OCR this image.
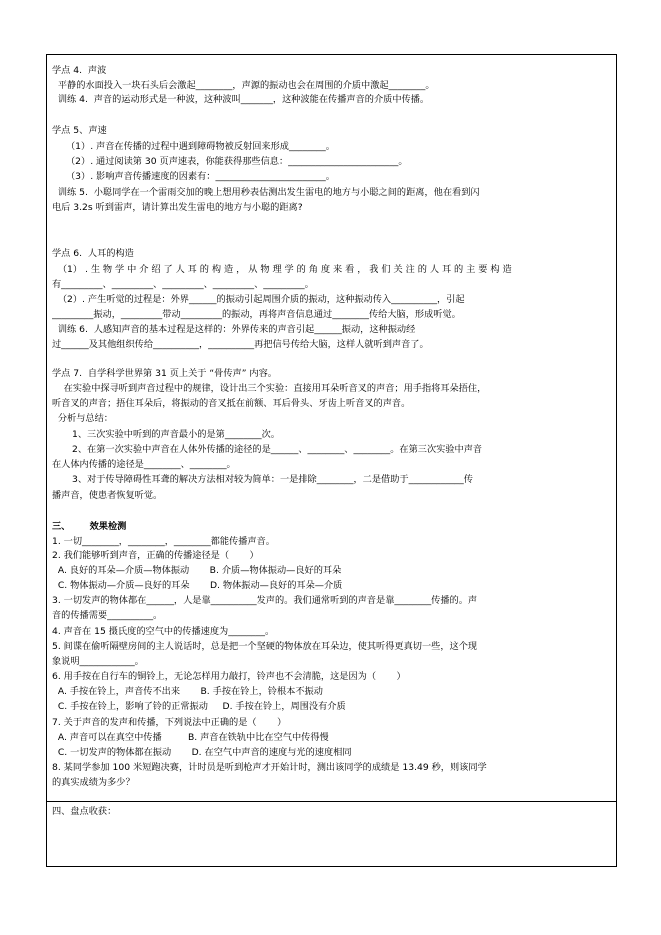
学点 4.  声波
平静的水面投入一块石头后会激起________，声源的振动也会在周围的介质中激起________。
训练 4.  声音的运动形式是一种波，这种波叫_______，这种波能在传播声音的介质中传播。
学点 5、声速
（1）. 声音在传播的过程中遇到障碍物被反射回来形成________。
（2）. 通过阅读第 30 页声速表，你能获得那些信息：________________________。
（3）. 影响声音传播速度的因素有：________________________。
训练 5.  小聪同学在一个雷雨交加的晚上想用秒表估测出发生雷电的地方与小聪之间的距离，他在看到闪
电后 3.2s 听到雷声，请计算出发生雷电的地方与小聪的距离?
学点 6.  人耳的构造
（1） . 生 物 学 中 介 绍 了 人 耳 的 构 造 ， 从 物 理 学 的 角 度 来 看 ， 我 们 关 注 的 人 耳 的 主 要 构 造
有_________、_________、_________、_________、_________。
（2）. 产生听觉的过程是：外界______的振动引起周围介质的振动，这种振动传入__________，引起
_________振动，_________带动_________的振动，再将声音信息通过________传给大脑，形成听觉。
训练 6.  人感知声音的基本过程是这样的：外界传来的声音引起______振动，这种振动经
过______及其他组织传给__________，__________再把信号传给大脑，这样人就听到声音了。
学点 7.  自学科学世界第 31 页上关于 “骨传声” 内容。
在实验中探寻听到声音过程中的规律，设计出三个实验：直接用耳朵听音叉的声音；用手指将耳朵捂住，
听音叉的声音；捂住耳朵后，将振动的音叉抵在前额、耳后骨头、牙齿上听音叉的声音。
分析与总结：
1、三次实验中听到的声音最小的是第________次。
2、在第一次实验中声音在人体外传播的途径的是______、________、________。在第三次实验中声音
在人体内传播的途径是________、________。
3、对于传导障碍性耳聋的解决方法相对较为简单：一是排除________，二是借助于____________传
播声音，使患者恢复听觉。
三、      效果检测
1. 一切________，________，________都能传播声音。
2. 我们能够听到声音，正确的传播途径是（       ）
A. 良好的耳朵—介质—物体振动       B. 介质—物体振动—良好的耳朵
C. 物体振动—介质—良好的耳朵       D. 物体振动—良好的耳朵—介质
3. 一切发声的物体都在______，人是靠__________发声的。我们通常听到的声音是靠________传播的。声
音的传播需要__________。
4. 声音在 15 摄氏度的空气中的传播速度为________。
5. 间谍在偷听隔壁房间的主人说话时，总是把一个坚硬的物体放在耳朵边，使其听得更真切一些，这个现
象说明____________。
6. 用手按在自行车的铜铃上，无论怎样用力敲打，铃声也不会清脆，这是因为（       ）
A. 手按在铃上，声音传不出来       B. 手按在铃上，铃根本不振动
C. 手按在铃上，影响了铃的正常振动     D. 手按在铃上，周围没有介质
7. 关于声音的发声和传播，下列说法中正确的是（       ）
A. 声音可以在真空中传播         B. 声音在铁轨中比在空气中传得慢
C. 一切发声的物体都在振动       D. 在空气中声音的速度与光的速度相同
8. 某同学参加 100 米短跑决赛，计时员是听到枪声才开始计时，测出该同学的成绩是 13.49 秒，则该同学
的真实成绩为多少？
四、盘点收获：
